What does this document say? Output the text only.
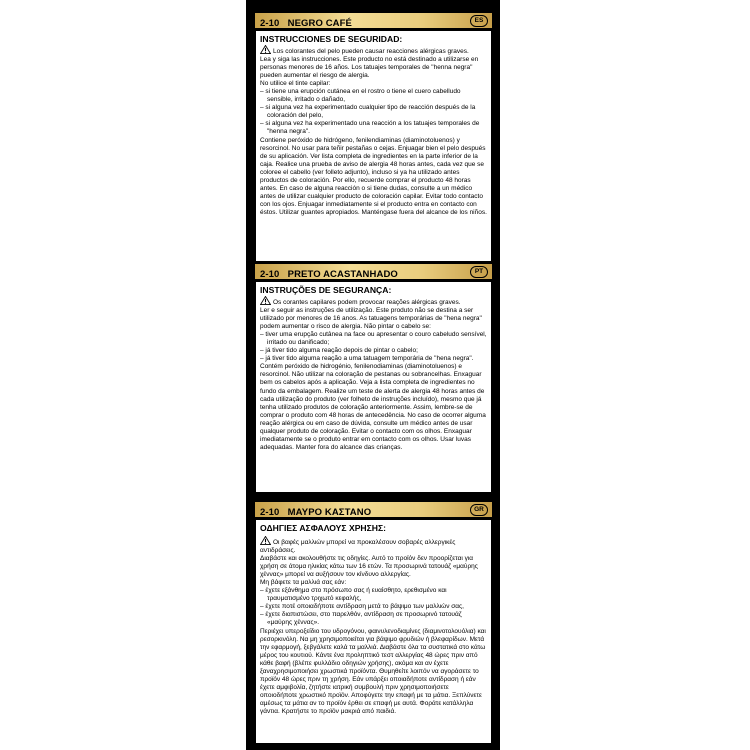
2-10 NEGRO CAFÉ	ES
INSTRUCCIONES DE SEGURIDAD:

Los colorantes del pelo pueden causar reacciones alérgicas graves.

Lea y siga las instrucciones. Este producto no está destinado a utilizarse en personas menores de 16 años. Los tatuajes temporales de "henna negra" pueden aumentar el riesgo de alergia.

No utilice el tinte capilar:

– si tiene una erupción cutánea en el rostro o tiene el cuero cabelludo sensible, irritado o dañado,

– si alguna vez ha experimentado cualquier tipo de reacción después de la coloración del pelo,

– si alguna vez ha experimentado una reacción a los tatuajes temporales de "henna negra".

Contiene peróxido de hidrógeno, fenilendiaminas (diaminotoluenos) y resorcinol. No usar para teñir pestañas o cejas. Enjuagar bien el pelo después de su aplicación. Ver lista completa de ingredientes en la parte inferior de la caja. Realice una prueba de aviso de alergia 48 horas antes, cada vez que se coloree el cabello (ver folleto adjunto), incluso si ya ha utilizado antes productos de coloración. Por ello, recuerde comprar el producto 48 horas antes. En caso de alguna reacción o si tiene dudas, consulte a un médico antes de utilizar cualquier producto de coloración capilar. Evitar todo contacto con los ojos. Enjuagar inmediatamente si el producto entra en contacto con éstos. Utilizar guantes apropiados. Manténgase fuera del alcance de los niños.

2-10 PRETO ACASTANHADO	PT
INSTRUÇÕES DE SEGURANÇA:

Os corantes capilares podem provocar reações alérgicas graves.

Ler e seguir as instruções de utilização. Este produto não se destina a ser utilizado por menores de 16 anos. As tatuagens temporárias de "hena negra" podem aumentar o risco de alergia. Não pintar o cabelo se:

– tiver uma erupção cutânea na face ou apresentar o couro cabeludo sensível, irritado ou danificado;

– já tiver tido alguma reação depois de pintar o cabelo;

– já tiver tido alguma reação a uma tatuagem temporária de "hena negra".

Contém peróxido de hidrogénio, fenilenodiaminas (diaminotoluenos) e resorcinol. Não utilizar na coloração de pestanas ou sobrancelhas. Enxaguar bem os cabelos após a aplicação. Veja a lista completa de ingredientes no fundo da embalagem. Realize um teste de alerta de alergia 48 horas antes de cada utilização do produto (ver folheto de instruções incluído), mesmo que já tenha utilizado produtos de coloração anteriormente. Assim, lembre-se de comprar o produto com 48 horas de antecedência. No caso de ocorrer alguma reação alérgica ou em caso de dúvida, consulte um médico antes de usar qualquer produto de coloração. Evitar o contacto com os olhos. Enxaguar imediatamente se o produto entrar em contacto com os olhos. Usar luvas adequadas. Manter fora do alcance das crianças.

2-10 ΜΑΥΡΟ ΚΑΣΤΑΝΟ	GR
ΟΔΗΓΙΕΣ ΑΣΦΑΛΟΥΣ ΧΡΗΣΗΣ:

Οι βαφές μαλλιών μπορεί να προκαλέσουν σοβαρές αλλεργικές αντιδράσεις.

Διαβάστε και ακολουθήστε τις οδηγίες. Αυτό το προϊόν δεν προορίζεται για χρήση σε άτομα ηλικίας κάτω των 16 ετών. Τα προσωρινά τατουάζ «μαύρης χέννας» μπορεί να αυξήσουν τον κίνδυνο αλλεργίας.

Μη βάφετε τα μαλλιά σας εάν:

– έχετε εξάνθημα στο πρόσωπο σας ή ευαίσθητο, ερεθισμένο και τραυματισμένο τριχωτό κεφαλής,

– έχετε ποτέ οποιαδήποτε αντίδραση μετά το βάψιμο των μαλλιών σας,

– έχετε διαπιστώσει, στο παρελθόν, αντίδραση σε προσωρινό τατουάζ «μαύρης χέννας».

Περιέχει υπεροξείδιο του υδρογόνου, φαινυλενοδιαμίνες (διαμινοτολουόλια) και ρεσορκινόλη. Να μη χρησιμοποιείται για βάψιμο φρυδιών ή βλεφαρίδων. Μετά την εφαρμογή, ξεβγάλετε καλά τα μαλλιά. Διαβάστε όλα τα συστατικά στο κάτω μέρος του κουτιού. Κάντε ένα προληπτικό τεστ αλλεργίας 48 ώρες πριν από κάθε βαφή (βλέπε φυλλάδιο οδηγιών χρήσης), ακόμα και αν έχετε ξαναχρησιμοποιήσει χρωστικά προϊόντα. Θυμηθείτε λοιπόν να αγοράσετε το προϊόν 48 ώρες πριν τη χρήση. Εάν υπάρξει οποιαδήποτε αντίδραση ή εάν έχετε αμφιβολία, ζητήστε ιατρική συμβουλή πριν χρησιμοποιήσετε οποιοδήποτε χρωστικό προϊόν. Αποφύγετε την επαφή με τα μάτια. Ξεπλύνετε αμέσως τα μάτια αν το προϊόν έρθει σε επαφή με αυτά. Φοράτε κατάλληλα γάντια. Κρατήστε το προϊόν μακριά από παιδιά.
